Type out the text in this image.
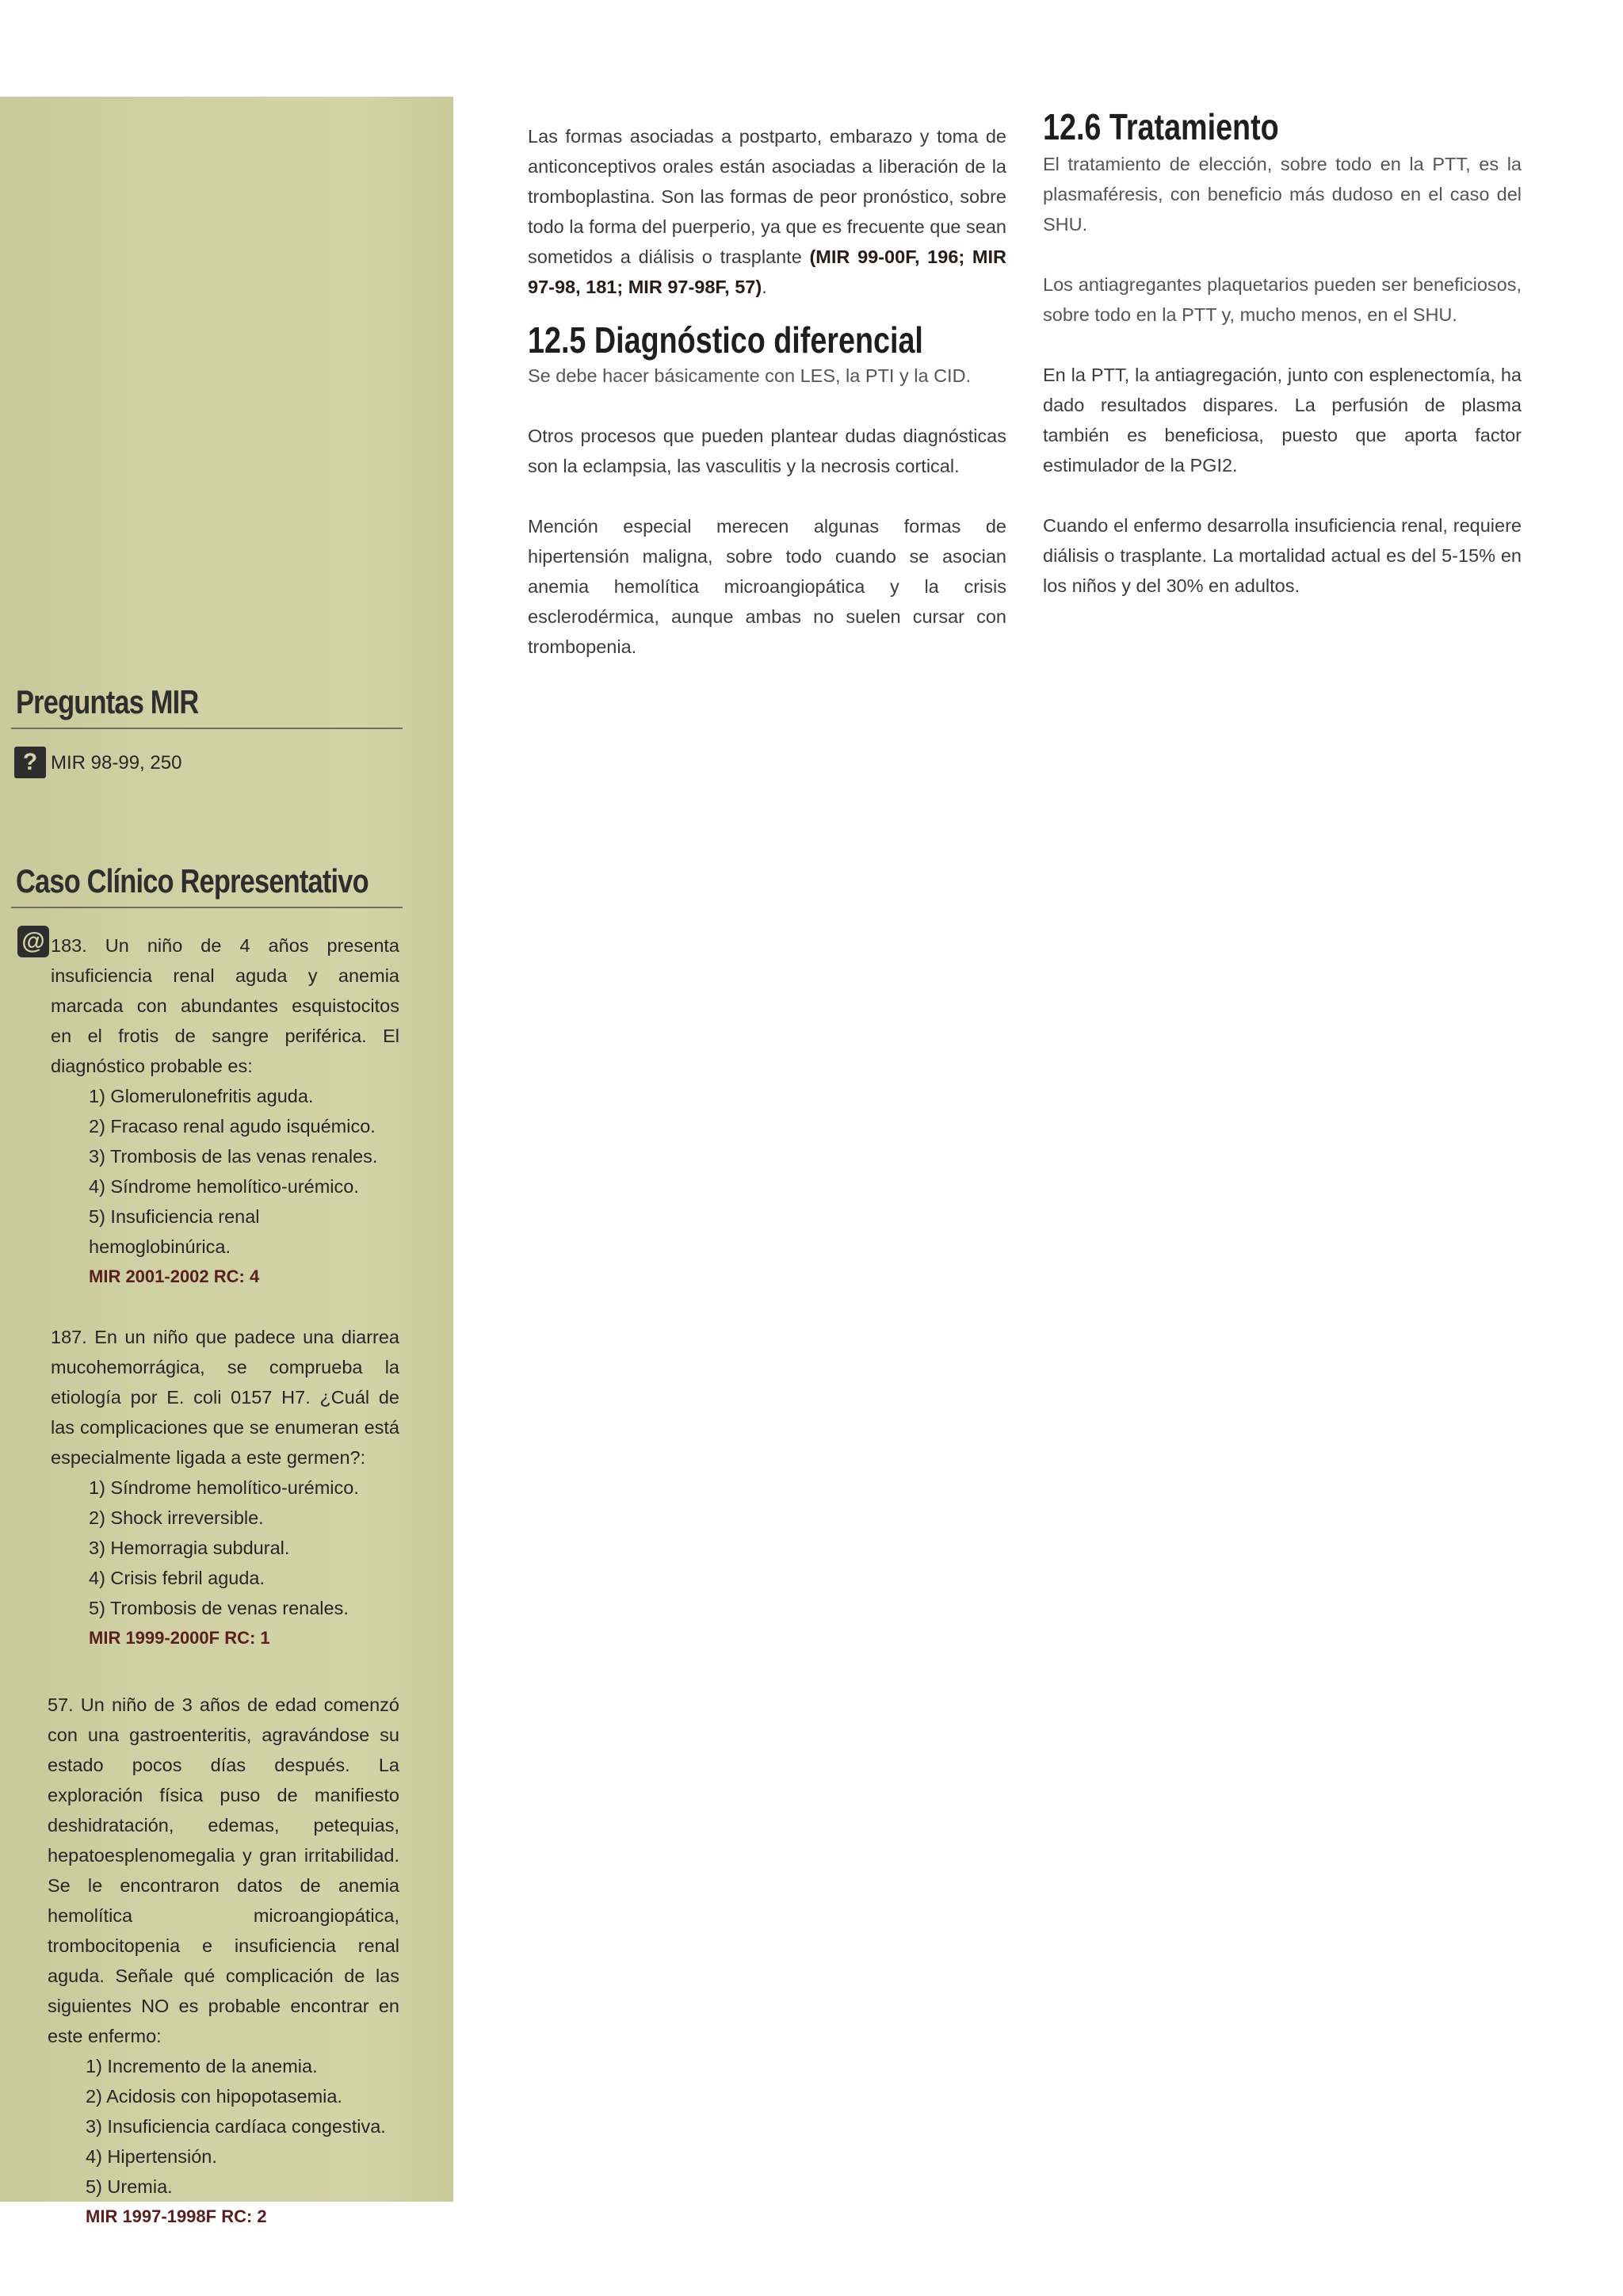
Preguntas MIR
? MIR 98-99, 250
Caso Clínico Representativo
@ 183. Un niño de 4 años presenta insuficiencia renal aguda y anemia marcada con abundantes esquistocitos en el frotis de sangre periférica. El diagnóstico probable es:
1) Glomerulonefritis aguda.
2) Fracaso renal agudo isquémico.
3) Trombosis de las venas renales.
4) Síndrome hemolítico-urémico.
5) Insuficiencia renal hemoglobinúrica.
MIR 2001-2002 RC: 4
187. En un niño que padece una diarrea mucohemorrágica, se comprueba la etiología por E. coli 0157 H7. ¿Cuál de las complicaciones que se enumeran está especialmente ligada a este germen?:
1) Síndrome hemolítico-urémico.
2) Shock irreversible.
3) Hemorragia subdural.
4) Crisis febril aguda.
5) Trombosis de venas renales.
MIR 1999-2000F RC: 1
57. Un niño de 3 años de edad comenzó con una gastroenteritis, agravándose su estado pocos días después. La exploración física puso de manifiesto deshidratación, edemas, petequias, hepatoesplenomegalia y gran irritabilidad. Se le encontraron datos de anemia hemolítica microangiopática, trombocitopenia e insuficiencia renal aguda. Señale qué complicación de las siguientes NO es probable encontrar en este enfermo:
1) Incremento de la anemia.
2) Acidosis con hipopotasemia.
3) Insuficiencia cardíaca congestiva.
4) Hipertensión.
5) Uremia.
MIR 1997-1998F RC: 2

Las formas asociadas a postparto, embarazo y toma de anticonceptivos orales están asociadas a liberación de la tromboplastina. Son las formas de peor pronóstico, sobre todo la forma del puerperio, ya que es frecuente que sean sometidos a diálisis o trasplante (MIR 99-00F, 196; MIR 97-98, 181; MIR 97-98F, 57).

12.5 Diagnóstico diferencial

Se debe hacer básicamente con LES, la PTI y la CID.

Otros procesos que pueden plantear dudas diagnósticas son la eclampsia, las vasculitis y la necrosis cortical.

Mención especial merecen algunas formas de hipertensión maligna, sobre todo cuando se asocian anemia hemolítica microangiopática y la crisis esclerodérmica, aunque ambas no suelen cursar con trombopenia.

12.6 Tratamiento

El tratamiento de elección, sobre todo en la PTT, es la plasmaféresis, con beneficio más dudoso en el caso del SHU.

Los antiagregantes plaquetarios pueden ser beneficiosos, sobre todo en la PTT y, mucho menos, en el SHU.

En la PTT, la antiagregación, junto con esplenectomía, ha dado resultados dispares. La perfusión de plasma también es beneficiosa, puesto que aporta factor estimulador de la PGI2.

Cuando el enfermo desarrolla insuficiencia renal, requiere diálisis o trasplante. La mortalidad actual es del 5-15% en los niños y del 30% en adultos.
